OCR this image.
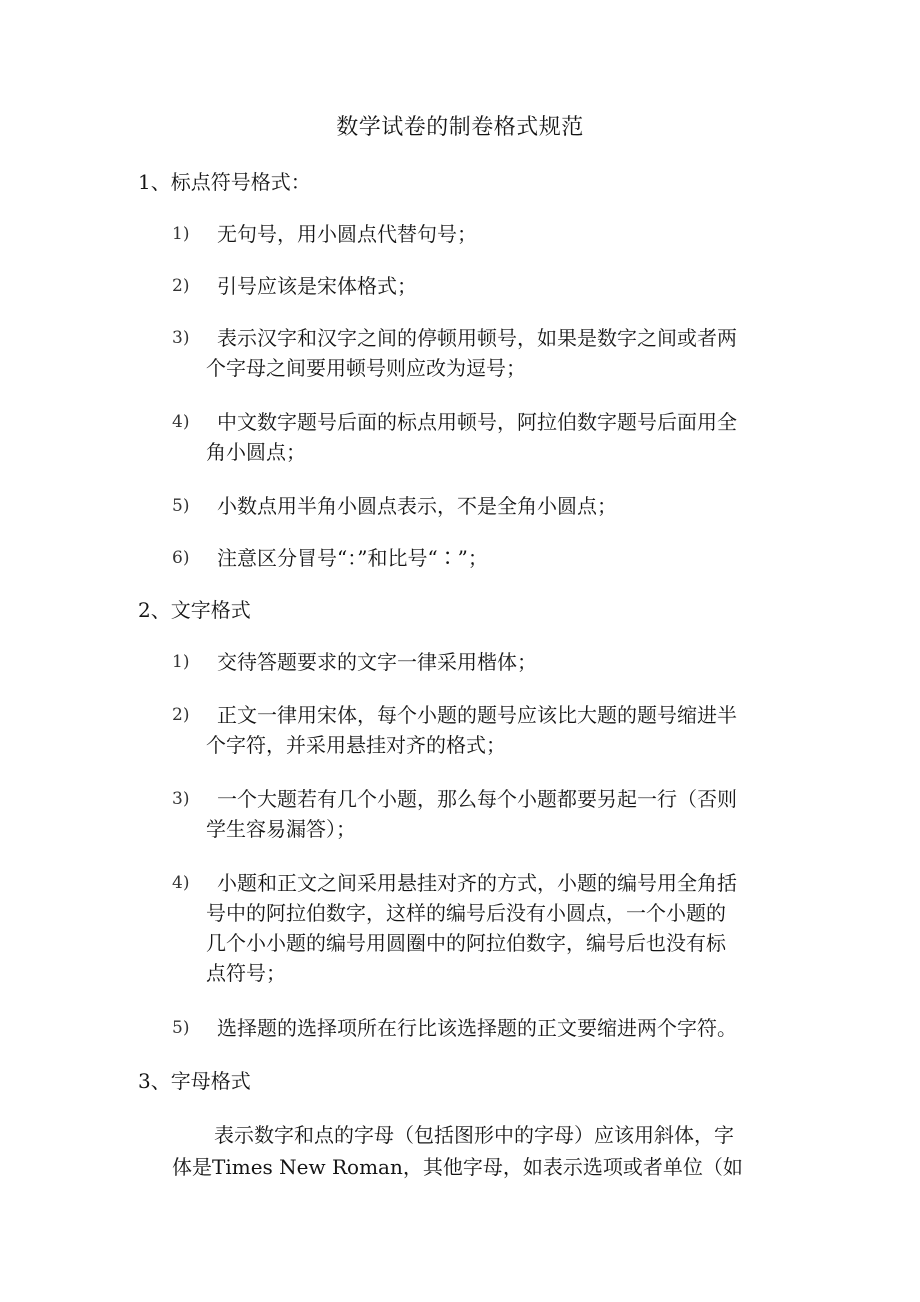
数学试卷的制卷格式规范
1、标点符号格式：
1)	无句号，用小圆点代替句号；
2)	引号应该是宋体格式；
3)	表示汉字和汉字之间的停顿用顿号，如果是数字之间或者两
个字母之间要用顿号则应改为逗号；
4)	中文数字题号后面的标点用顿号，阿拉伯数字题号后面用全
角小圆点；
5)	小数点用半角小圆点表示，不是全角小圆点；
6)	注意区分冒号“：”和比号“∶”；
2、文字格式
1)	交待答题要求的文字一律采用楷体；
2)	正文一律用宋体，每个小题的题号应该比大题的题号缩进半
个字符，并采用悬挂对齐的格式；
3)	一个大题若有几个小题，那么每个小题都要另起一行（否则
学生容易漏答）；
4)	小题和正文之间采用悬挂对齐的方式，小题的编号用全角括
号中的阿拉伯数字，这样的编号后没有小圆点，一个小题的
几个小小题的编号用圆圈中的阿拉伯数字，编号后也没有标
点符号；
5)	选择题的选择项所在行比该选择题的正文要缩进两个字符。
3、字母格式
表示数字和点的字母（包括图形中的字母）应该用斜体，字
体是Times New Roman，其他字母，如表示选项或者单位（如
